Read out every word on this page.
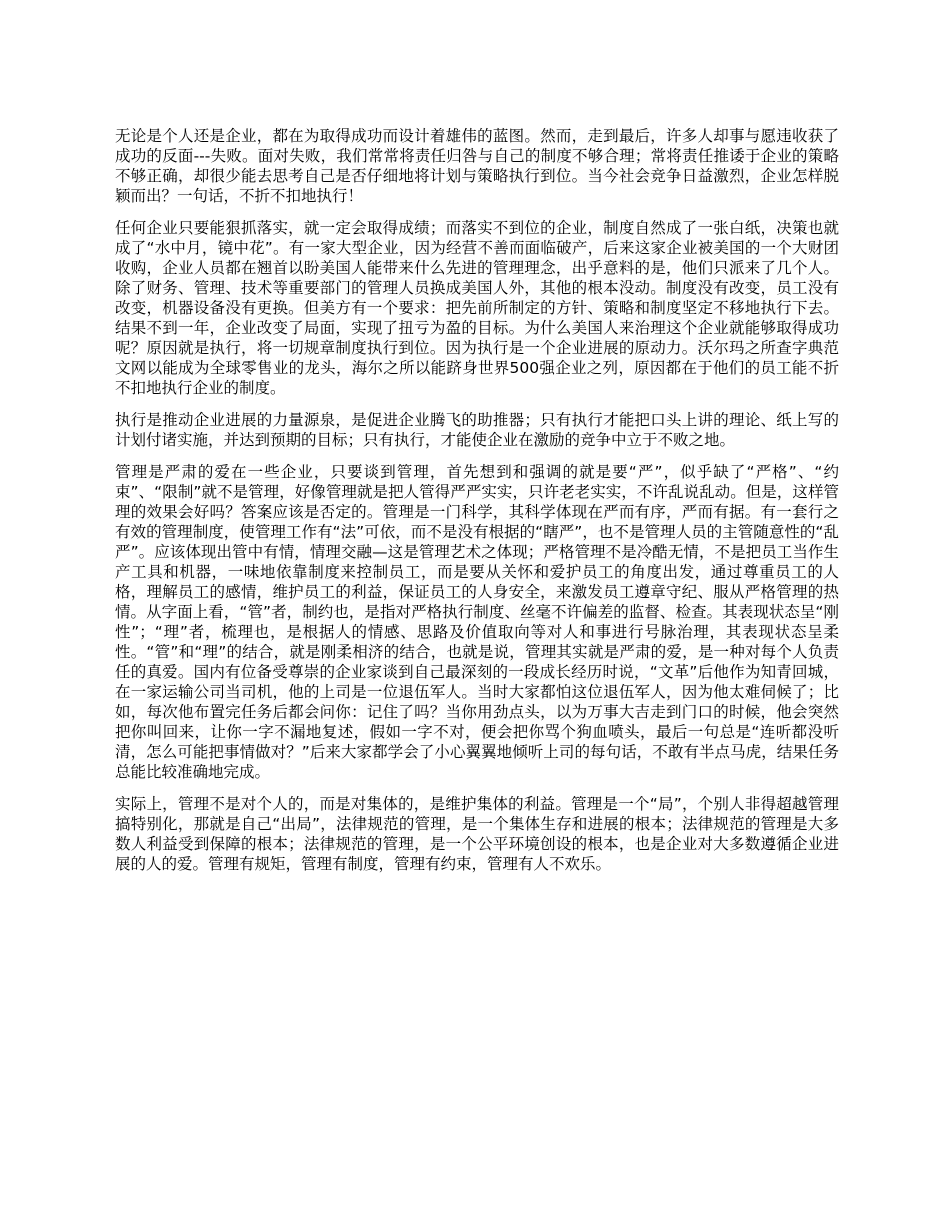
无论是个人还是企业，都在为取得成功而设计着雄伟的蓝图。然而，走到最后，许多人却事与愿违收获了成功的反面---失败。面对失败，我们常常将责任归咎与自己的制度不够合理；常将责任推诿于企业的策略不够正确，却很少能去思考自己是否仔细地将计划与策略执行到位。当今社会竞争日益激烈，企业怎样脱颖而出？一句话，不折不扣地执行！

任何企业只要能狠抓落实，就一定会取得成绩；而落实不到位的企业，制度自然成了一张白纸，决策也就成了“水中月，镜中花”。有一家大型企业，因为经营不善而面临破产，后来这家企业被美国的一个大财团收购，企业人员都在翘首以盼美国人能带来什么先进的管理理念，出乎意料的是，他们只派来了几个人。除了财务、管理、技术等重要部门的管理人员换成美国人外，其他的根本没动。制度没有改变，员工没有改变，机器设备没有更换。但美方有一个要求：把先前所制定的方针、策略和制度坚定不移地执行下去。结果不到一年，企业改变了局面，实现了扭亏为盈的目标。为什么美国人来治理这个企业就能够取得成功呢？原因就是执行，将一切规章制度执行到位。因为执行是一个企业进展的原动力。沃尔玛之所查字典范文网以能成为全球零售业的龙头，海尔之所以能跻身世界500强企业之列，原因都在于他们的员工能不折不扣地执行企业的制度。

执行是推动企业进展的力量源泉，是促进企业腾飞的助推器；只有执行才能把口头上讲的理论、纸上写的计划付诸实施，并达到预期的目标；只有执行，才能使企业在激励的竞争中立于不败之地。

管理是严肃的爱在一些企业，只要谈到管理，首先想到和强调的就是要“严”，似乎缺了“严格”、“约束”、“限制”就不是管理，好像管理就是把人管得严严实实，只许老老实实，不许乱说乱动。但是，这样管理的效果会好吗？答案应该是否定的。管理是一门科学，其科学体现在严而有序，严而有据。有一套行之有效的管理制度，使管理工作有“法”可依，而不是没有根据的“瞎严”，也不是管理人员的主管随意性的“乱严”。应该体现出管中有情，情理交融—这是管理艺术之体现；严格管理不是冷酷无情，不是把员工当作生产工具和机器，一味地依靠制度来控制员工，而是要从关怀和爱护员工的角度出发，通过尊重员工的人格，理解员工的感情，维护员工的利益，保证员工的人身安全，来激发员工遵章守纪、服从严格管理的热情。从字面上看，“管”者，制约也，是指对严格执行制度、丝毫不许偏差的监督、检查。其表现状态呈“刚性”；“理”者，梳理也，是根据人的情感、思路及价值取向等对人和事进行号脉治理，其表现状态呈柔性。“管”和“理”的结合，就是刚柔相济的结合，也就是说，管理其实就是严肃的爱，是一种对每个人负责任的真爱。国内有位备受尊崇的企业家谈到自己最深刻的一段成长经历时说，“文革”后他作为知青回城，在一家运输公司当司机，他的上司是一位退伍军人。当时大家都怕这位退伍军人，因为他太难伺候了；比如，每次他布置完任务后都会问你：记住了吗？当你用劲点头，以为万事大吉走到门口的时候，他会突然把你叫回来，让你一字不漏地复述，假如一字不对，便会把你骂个狗血喷头，最后一句总是“连听都没听清，怎么可能把事情做对？”后来大家都学会了小心翼翼地倾听上司的每句话，不敢有半点马虎，结果任务总能比较准确地完成。

实际上，管理不是对个人的，而是对集体的，是维护集体的利益。管理是一个“局”，个别人非得超越管理搞特别化，那就是自己“出局”，法律规范的管理，是一个集体生存和进展的根本；法律规范的管理是大多数人利益受到保障的根本；法律规范的管理，是一个公平环境创设的根本，也是企业对大多数遵循企业进展的人的爱。管理有规矩，管理有制度，管理有约束，管理有人不欢乐。
